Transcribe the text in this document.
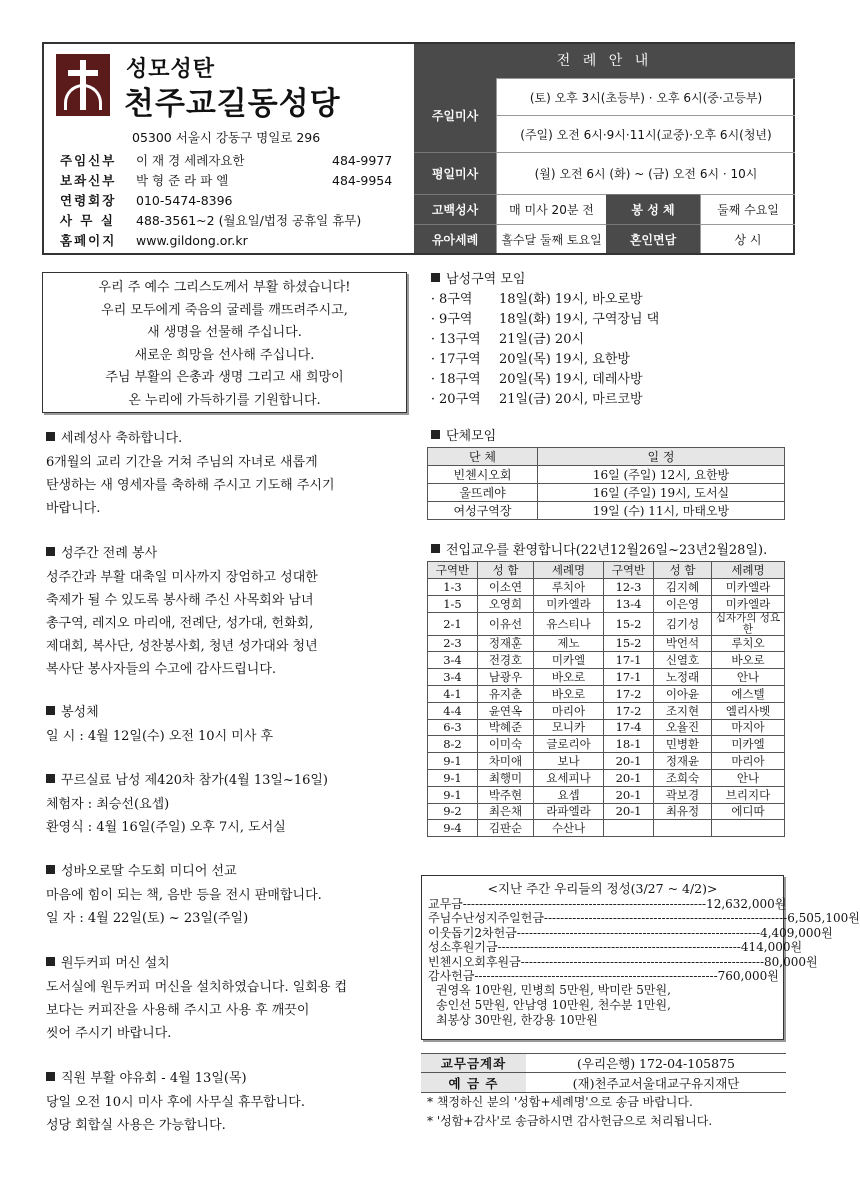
성모성탄
천주교길동성당
05300 서울시 강동구 명일로 296
주임신부	이 재 경 세례자요한	484-9977
보좌신부	박 형 준 라 파 엘	484-9954
연령회장	010-5474-8396
사 무 실	488-3561~2 (월요일/법정 공휴일 휴무)
홈페이지	www.gildong.or.kr
전 례 안 내
주일미사
(토) 오후 3시(초등부) · 오후 6시(중·고등부)
(주일) 오전 6시·9시·11시(교중)·오후 6시(청년)
평일미사	(월) 오전 6시 (화) ~ (금) 오전 6시 · 10시
고백성사	매 미사 20분 전	봉 성 체	둘째 수요일
유아세례	홀수달 둘째 토요일	혼인면담	상 시
우리 주 예수 그리스도께서 부활 하셨습니다!
우리 모두에게 죽음의 굴레를 깨뜨려주시고,
새 생명을 선물해 주십니다.
새로운 희망을 선사해 주십니다.
주님 부활의 은총과 생명 그리고 새 희망이
온 누리에 가득하기를 기원합니다.
세례성사 축하합니다.

6개월의 교리 기간을 거쳐 주님의 자녀로 새롭게

탄생하는 새 영세자를 축하해 주시고 기도해 주시기

바랍니다.

성주간 전례 봉사

성주간과 부활 대축일 미사까지 장엄하고 성대한

축제가 될 수 있도록 봉사해 주신 사목회와 남녀

총구역, 레지오 마리애, 전례단, 성가대, 헌화회,

제대회, 복사단, 성찬봉사회, 청년 성가대와 청년

복사단 봉사자들의 수고에 감사드립니다.

봉성체

일 시 : 4월 12일(수) 오전 10시 미사 후

꾸르실료 남성 제420차 참가(4월 13일~16일)

체험자 : 최승선(요셉)

환영식 : 4월 16일(주일) 오후 7시, 도서실

성바오로딸 수도회 미디어 선교

마음에 힘이 되는 책, 음반 등을 전시 판매합니다.

일 자 : 4월 22일(토) ~ 23일(주일)

원두커피 머신 설치

도서실에 원두커피 머신을 설치하였습니다. 일회용 컵

보다는 커피잔을 사용해 주시고 사용 후 깨끗이

씻어 주시기 바랍니다.

직원 부활 야유회 - 4월 13일(목)

당일 오전 10시 미사 후에 사무실 휴무합니다.

성당 회합실 사용은 가능합니다.

남성구역 모임
· 8구역	18일(화) 19시, 바오로방
· 9구역	18일(화) 19시, 구역장님 댁
· 13구역	21일(금) 20시
· 17구역	20일(목) 19시, 요한방
· 18구역	20일(목) 19시, 데레사방
· 20구역	21일(금) 20시, 마르코방
단체모임
단 체	일 정
빈첸시오회	16일 (주일) 12시, 요한방
울뜨레야	16일 (주일) 19시, 도서실
여성구역장	19일 (수) 11시, 마태오방
전입교우를 환영합니다(22년12월26일~23년2월28일).
구역반	성 함	세례명	구역반	성 함	세례명
1-3	이소연	루치아	12-3	김지혜	미카엘라
1-5	오영희	미카엘라	13-4	이은영	미카엘라
2-1	이유선	유스티나	15-2	김기성	십자가의 성요한
2-3	정재훈	제노	15-2	박언석	루치오
3-4	전경호	미카엘	17-1	신열호	바오로
3-4	남광우	바오로	17-1	노정래	안나
4-1	유지춘	바오로	17-2	이아윤	에스텔
4-4	윤연옥	마리아	17-2	조지현	엘리사벳
6-3	박혜준	모니카	17-4	오율진	마지아
8-2	이미숙	글로리아	18-1	민병환	미카엘
9-1	차미애	보나	20-1	정재윤	마리아
9-1	최행미	요세피나	20-1	조희숙	안나
9-1	박주현	요셉	20-1	곽보경	브리지다
9-2	최은채	라파엘라	20-1	최유정	에디따
9-4	김판순	수산나			
<지난 주간 우리들의 정성(3/27 ~ 4/2)>
교무금 ------------------------------------------------------------ 12,632,000원
주님수난성지주일헌금 ------------------------------------------------------------ 6,505,100원
이웃돕기2차헌금 ------------------------------------------------------------ 4,409,000원
성소후원기금 ------------------------------------------------------------ 414,000원
빈첸시오회후원금 ------------------------------------------------------------ 80,000원
감사헌금 ------------------------------------------------------------ 760,000원
권영옥 10만원, 민병희 5만원, 박미란 5만원,
송인선 5만원, 안남영 10만원, 천수분 1만원,
최봉상 30만원, 한강용 10만원
교무금계좌	(우리은행) 172-04-105875
예 금 주	(재)천주교서울대교구유지재단
* 책정하신 분의 '성함+세례명'으로 송금 바랍니다.
* '성함+감사'로 송금하시면 감사헌금으로 처리됩니다.
